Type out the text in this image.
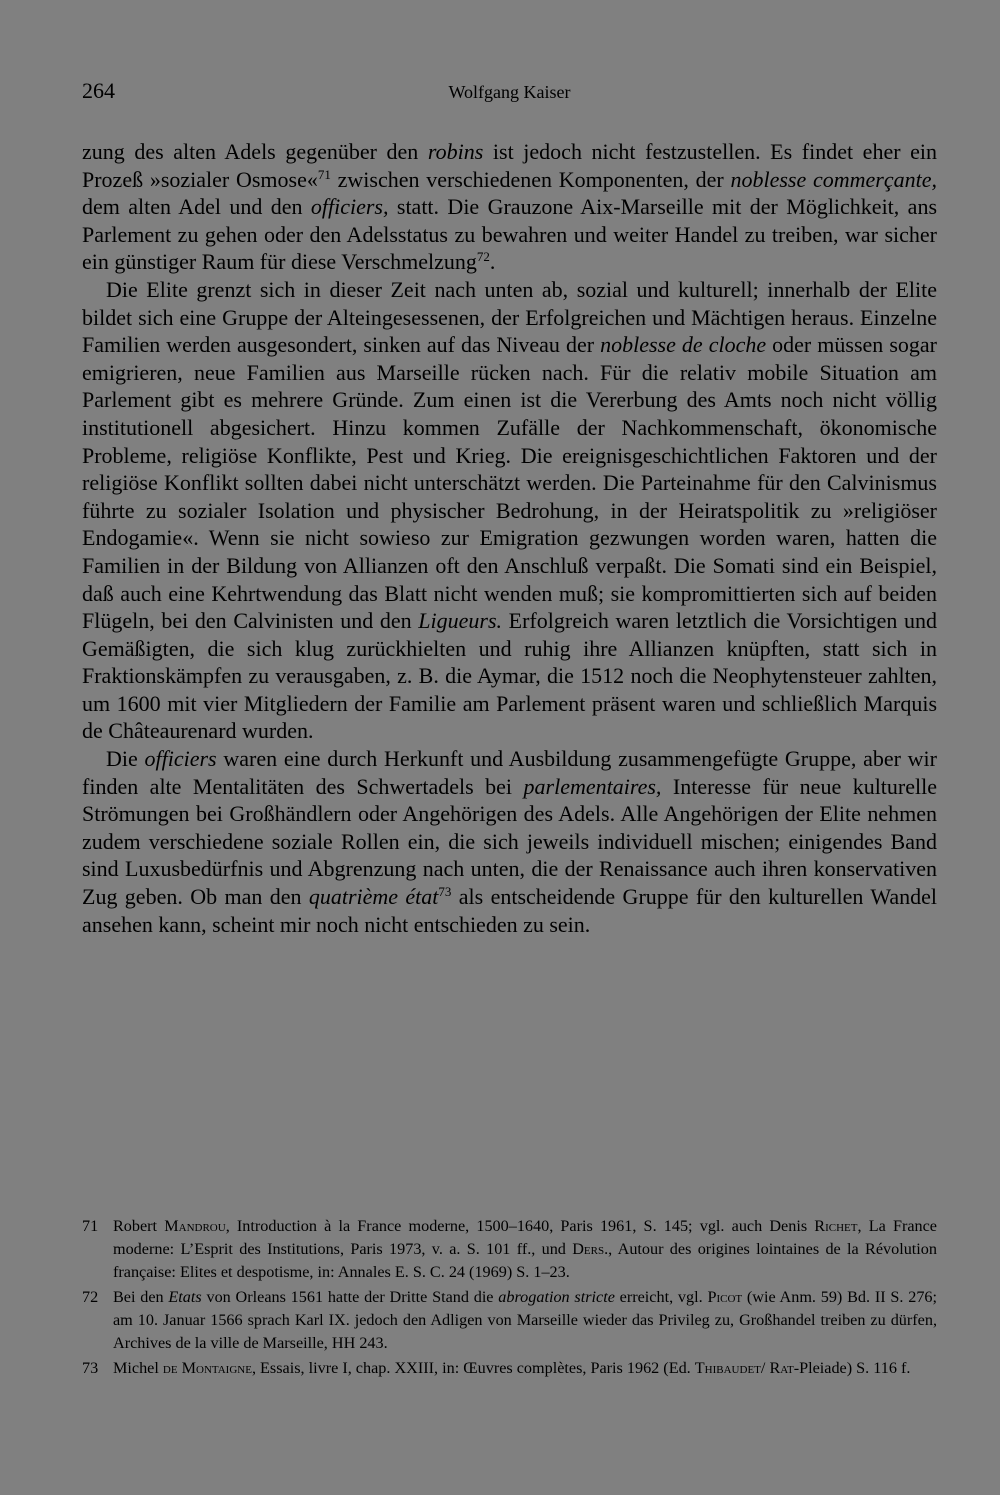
264	Wolfgang Kaiser

zung des alten Adels gegenüber den robins ist jedoch nicht festzustellen. Es findet eher ein Prozeß »sozialer Osmose«$^{71}$ zwischen verschiedenen Komponenten, der noblesse commerçante, dem alten Adel und den officiers, statt. Die Grauzone Aix-Marseille mit der Möglichkeit, ans Parlement zu gehen oder den Adelsstatus zu bewahren und weiter Handel zu treiben, war sicher ein günstiger Raum für diese Verschmelzung$^{72}$.

Die Elite grenzt sich in dieser Zeit nach unten ab, sozial und kulturell; innerhalb der Elite bildet sich eine Gruppe der Alteingesessenen, der Erfolgreichen und Mächtigen heraus. Einzelne Familien werden ausgesondert, sinken auf das Niveau der noblesse de cloche oder müssen sogar emigrieren, neue Familien aus Marseille rücken nach. Für die relativ mobile Situation am Parlement gibt es mehrere Gründe. Zum einen ist die Vererbung des Amts noch nicht völlig institutionell abgesichert. Hinzu kommen Zufälle der Nachkommenschaft, ökonomische Probleme, religiöse Konflikte, Pest und Krieg. Die ereignisgeschichtlichen Faktoren und der religiöse Konflikt sollten dabei nicht unterschätzt werden. Die Parteinahme für den Calvinismus führte zu sozialer Isolation und physischer Bedrohung, in der Heiratspolitik zu »religiöser Endogamie«. Wenn sie nicht sowieso zur Emigration gezwungen worden waren, hatten die Familien in der Bildung von Allianzen oft den Anschluß verpaßt. Die Somati sind ein Beispiel, daß auch eine Kehrtwendung das Blatt nicht wenden muß; sie kompromittierten sich auf beiden Flügeln, bei den Calvinisten und den Ligueurs. Erfolgreich waren letztlich die Vorsichtigen und Gemäßigten, die sich klug zurückhielten und ruhig ihre Allianzen knüpften, statt sich in Fraktionskämpfen zu verausgaben, z. B. die Aymar, die 1512 noch die Neophytensteuer zahlten, um 1600 mit vier Mitgliedern der Familie am Parlement präsent waren und schließlich Marquis de Châteaurenard wurden.

Die officiers waren eine durch Herkunft und Ausbildung zusammengefügte Gruppe, aber wir finden alte Mentalitäten des Schwertadels bei parlementaires, Interesse für neue kulturelle Strömungen bei Großhändlern oder Angehörigen des Adels. Alle Angehörigen der Elite nehmen zudem verschiedene soziale Rollen ein, die sich jeweils individuell mischen; einigendes Band sind Luxusbedürfnis und Abgrenzung nach unten, die der Renaissance auch ihren konservativen Zug geben. Ob man den quatrième état$^{73}$ als entscheidende Gruppe für den kulturellen Wandel ansehen kann, scheint mir noch nicht entschieden zu sein.

71 Robert Mandrou, Introduction à la France moderne, 1500–1640, Paris 1961, S. 145; vgl. auch Denis Richet, La France moderne: L’Esprit des Institutions, Paris 1973, v. a. S. 101 ff., und Ders., Autour des origines lointaines de la Révolution française: Elites et despotisme, in: Annales E. S. C. 24 (1969) S. 1–23.
72 Bei den Etats von Orleans 1561 hatte der Dritte Stand die abrogation stricte erreicht, vgl. Picot (wie Anm. 59) Bd. II S. 276; am 10. Januar 1566 sprach Karl IX. jedoch den Adligen von Marseille wieder das Privileg zu, Großhandel treiben zu dürfen, Archives de la ville de Marseille, HH 243.
73 Michel de Montaigne, Essais, livre I, chap. XXIII, in: Œuvres complètes, Paris 1962 (Ed. Thibaudet/ Rat-Pleiade) S. 116 f.
